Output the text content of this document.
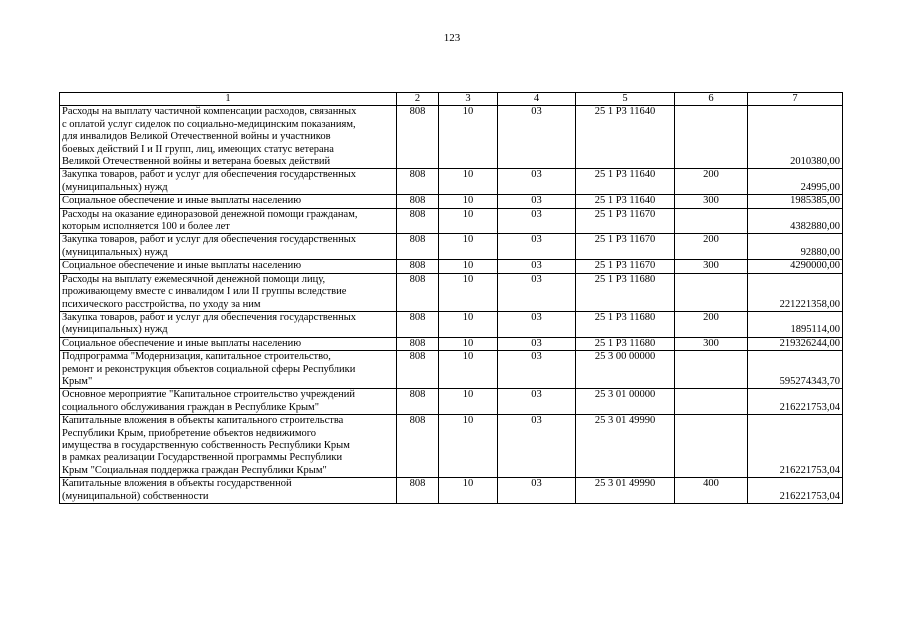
123
1	2	3	4	5	6	7
Расходы на выплату частичной компенсации расходов, связанных
с оплатой услуг сиделок по социально-медицинским показаниям,
для инвалидов Великой Отечественной войны и участников
боевых действий I и II групп, лиц, имеющих статус ветерана
Великой Отечественной войны и ветерана боевых действий	808	10	03	25 1 Р3 11640		2010380,00
Закупка товаров, работ и услуг для обеспечения государственных
(муниципальных) нужд	808	10	03	25 1 Р3 11640	200	24995,00
Социальное обеспечение и иные выплаты населению	808	10	03	25 1 Р3 11640	300	1985385,00
Расходы на оказание единоразовой денежной помощи гражданам,
которым исполняется 100 и более лет	808	10	03	25 1 Р3 11670		4382880,00
Закупка товаров, работ и услуг для обеспечения государственных
(муниципальных) нужд	808	10	03	25 1 Р3 11670	200	92880,00
Социальное обеспечение и иные выплаты населению	808	10	03	25 1 Р3 11670	300	4290000,00
Расходы на выплату ежемесячной денежной помощи лицу,
проживающему вместе с инвалидом I или II группы вследствие
психического расстройства, по уходу за ним	808	10	03	25 1 Р3 11680		221221358,00
Закупка товаров, работ и услуг для обеспечения государственных
(муниципальных) нужд	808	10	03	25 1 Р3 11680	200	1895114,00
Социальное обеспечение и иные выплаты населению	808	10	03	25 1 Р3 11680	300	219326244,00
Подпрограмма "Модернизация, капитальное строительство,
ремонт и реконструкция объектов социальной сферы Республики
Крым"	808	10	03	25 3 00 00000		595274343,70
Основное мероприятие "Капитальное строительство учреждений
социального обслуживания граждан в Республике Крым"	808	10	03	25 3 01 00000		216221753,04
Капитальные вложения в объекты капитального строительства
Республики Крым, приобретение объектов недвижимого
имущества в государственную собственность Республики Крым
в рамках реализации Государственной программы Республики
Крым "Социальная поддержка граждан Республики Крым"	808	10	03	25 3 01 49990		216221753,04
Капитальные вложения в объекты государственной
(муниципальной) собственности	808	10	03	25 3 01 49990	400	216221753,04
